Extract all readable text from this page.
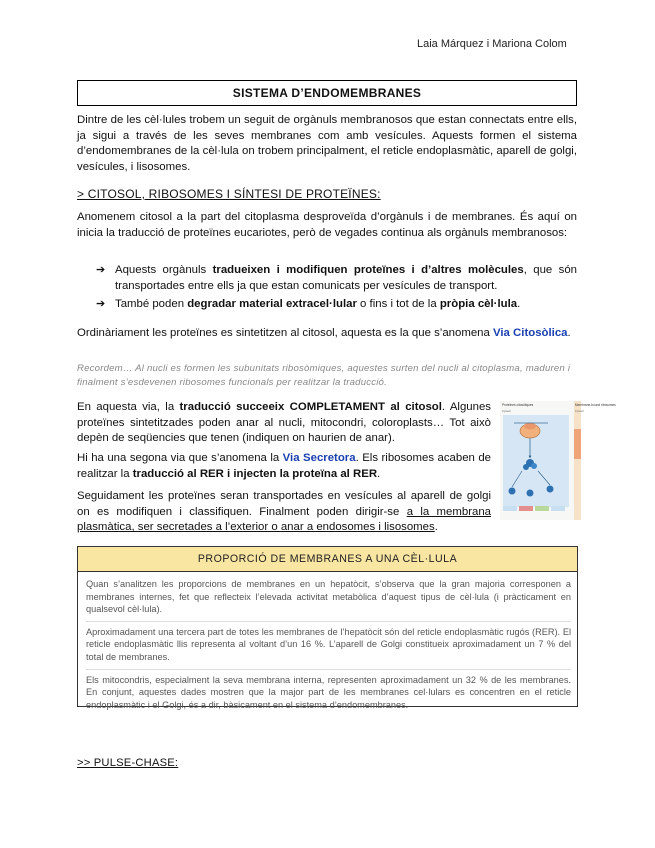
Laia Márquez i Mariona Colom
SISTEMA D’ENDOMEMBRANES
Dintre de les cèl·lules trobem un seguit de orgànuls membranosos que estan connectats entre ells, ja sigui a través de les seves membranes com amb vesícules. Aquests formen el sistema d’endomembranes de la cèl·lula on trobem principalment, el reticle endoplasmàtic, aparell de golgi, vesícules, i lisosomes.
> CITOSOL, RIBOSOMES I SÍNTESI DE PROTEÏNES:
Anomenem citosol a la part del citoplasma desproveïda d’orgànuls i de membranes. És aquí on inicia la traducció de proteïnes eucariotes, però de vegades continua als orgànuls membranosos:
➔ Aquests orgànuls tradueixen i modifiquen proteïnes i d’altres molècules, que són transportades entre ells ja que estan comunicats per vesícules de transport.
➔ També poden degradar material extracel·lular o fins i tot de la pròpia cèl·lula.
Ordinàriament les proteïnes es sintetitzen al citosol, aquesta es la que s’anomena Via Citosòlica.
Recordem… Al nucli es formen les subunitats ribosòmiques, aquestes surten del nucli al citoplasma, maduren i finalment s’esdevenen ribosomes funcionals per realitzar la traducció.
En aquesta via, la traducció succeeix COMPLETAMENT al citosol. Algunes proteïnes sintetitzades poden anar al nucli, mitocondri, coloroplasts… Tot això depèn de seqüencies que tenen (indiquen on haurien de anar).
Hi ha una segona via que s’anomena la Via Secretora. Els ribosomes acaben de realitzar la traducció al RER i injecten la proteïna al RER.
Seguidament les proteïnes seran transportades en vesícules al aparell de golgi on es modifiquen i classifiquen. Finalment poden dirigir-se a la membrana plasmàtica, ser secretades a l’exterior o anar a endosomes i lisosomes.
Proteïnes citosòliques
Cytosol
Membrane-bound ribosomes
Cytosol
PROPORCIÓ DE MEMBRANES A UNA CÈL·LULA

Quan s’analitzen les proporcions de membranes en un hepatòcit, s’observa que la gran majoria corresponen a membranes internes, fet que reflecteix l’elevada activitat metabòlica d’aquest tipus de cèl·lula (i pràcticament en qualsevol cèl·lula).

Aproximadament una tercera part de totes les membranes de l’hepatòcit són del reticle endoplasmàtic rugós (RER). El reticle endoplasmàtic llis representa al voltant d’un 16 %. L’aparell de Golgi constitueix aproximadament un 7 % del total de membranes.

Els mitocondris, especialment la seva membrana interna, representen aproximadament un 32 % de les membranes. En conjunt, aquestes dades mostren que la major part de les membranes cel·lulars es concentren en el reticle endoplasmàtic i el Golgi, és a dir, bàsicament en el sistema d’endomembranes.

>> PULSE-CHASE:
